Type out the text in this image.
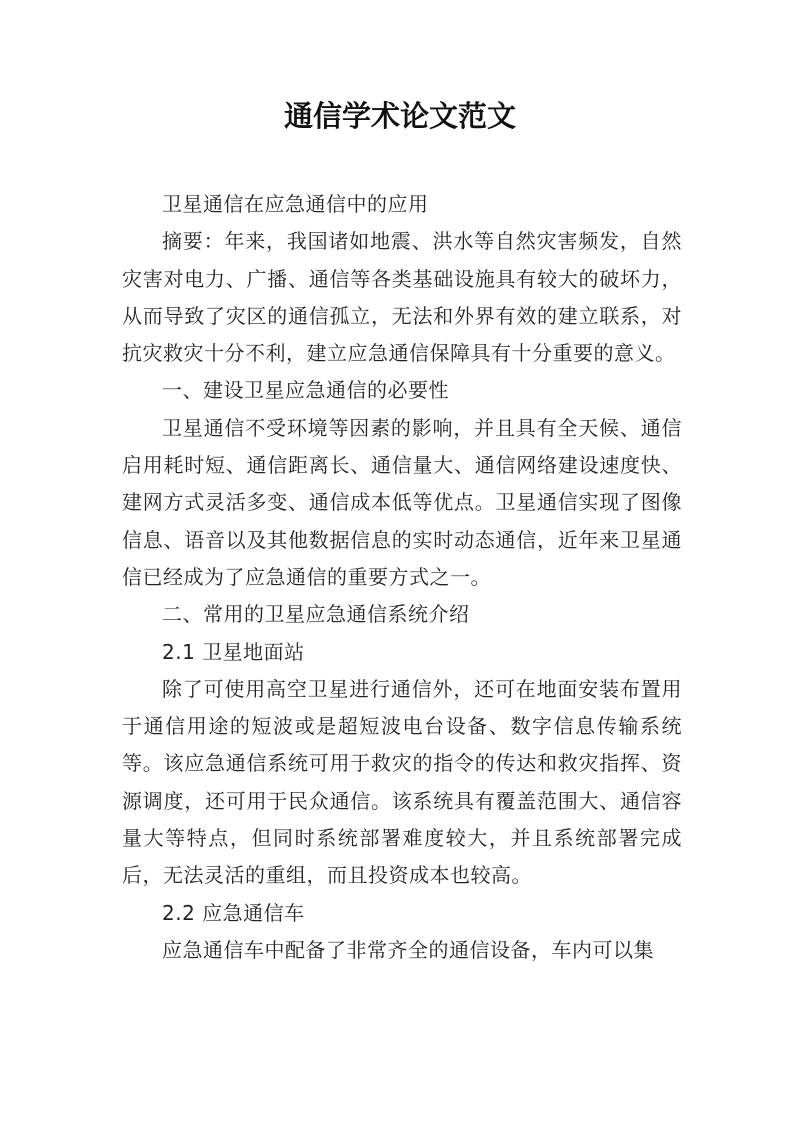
通信学术论文范文

卫星通信在应急通信中的应用

摘要：年来，我国诸如地震、洪水等自然灾害频发，自然灾害对电力、广播、通信等各类基础设施具有较大的破坏力，从而导致了灾区的通信孤立，无法和外界有效的建立联系，对抗灾救灾十分不利，建立应急通信保障具有十分重要的意义。

一、建设卫星应急通信的必要性

卫星通信不受环境等因素的影响，并且具有全天候、通信启用耗时短、通信距离长、通信量大、通信网络建设速度快、建网方式灵活多变、通信成本低等优点。卫星通信实现了图像信息、语音以及其他数据信息的实时动态通信，近年来卫星通信已经成为了应急通信的重要方式之一。

二、常用的卫星应急通信系统介绍

2.1 卫星地面站

除了可使用高空卫星进行通信外，还可在地面安装布置用于通信用途的短波或是超短波电台设备、数字信息传输系统等。该应急通信系统可用于救灾的指令的传达和救灾指挥、资源调度，还可用于民众通信。该系统具有覆盖范围大、通信容量大等特点，但同时系统部署难度较大，并且系统部署完成后，无法灵活的重组，而且投资成本也较高。

2.2 应急通信车

应急通信车中配备了非常齐全的通信设备，车内可以集
